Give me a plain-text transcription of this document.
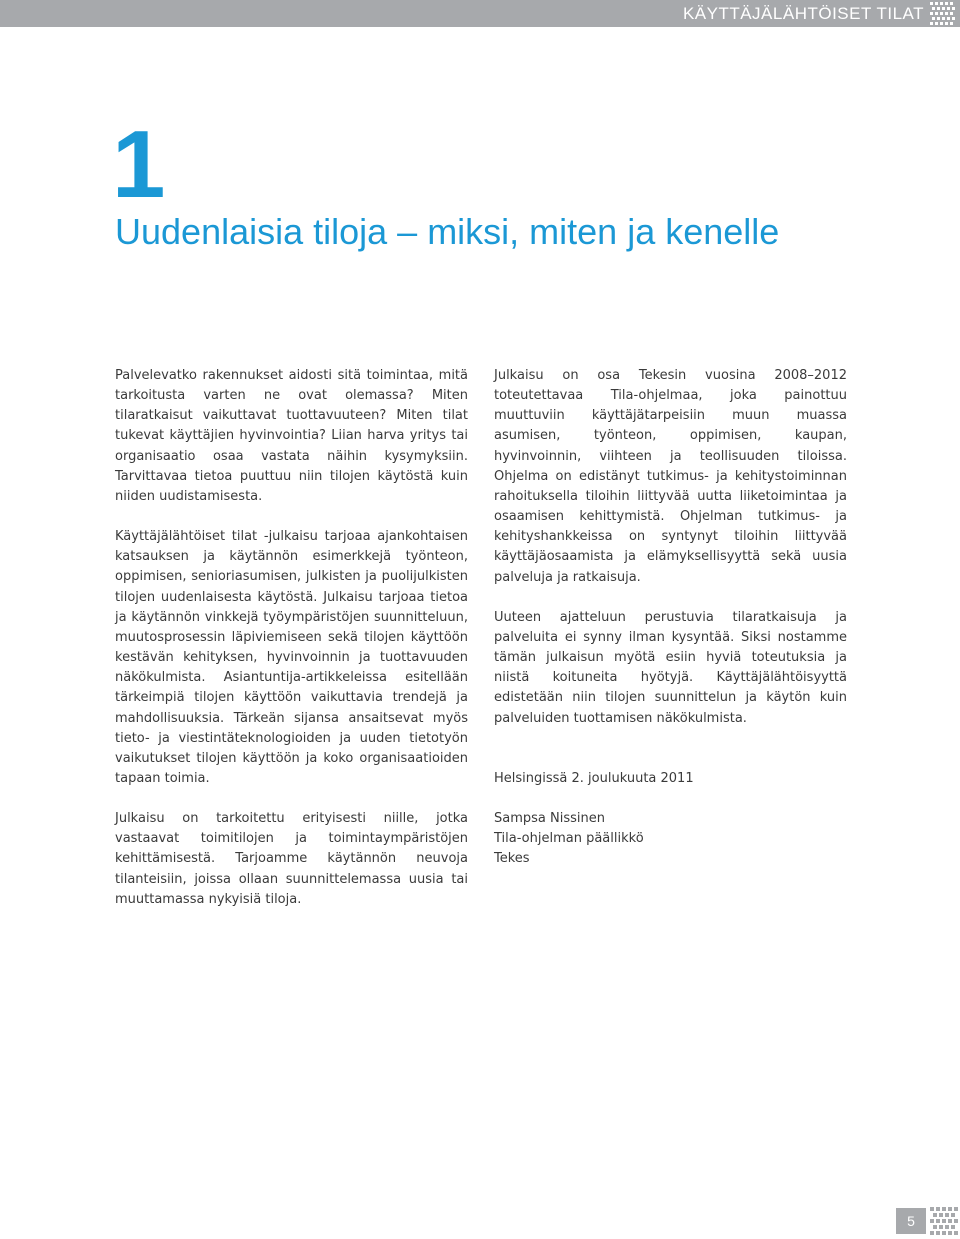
KÄYTTÄJÄLÄHTÖISET TILAT
1
Uudenlaisia tiloja – miksi, miten ja kenelle

Palvelevatko rakennukset aidosti sitä toimintaa, mitä tarkoitusta varten ne ovat olemassa? Miten tilaratkaisut vaikuttavat tuottavuuteen? Miten tilat tukevat käyttäjien hyvinvointia? Liian harva yritys tai organisaatio osaa vastata näihin kysymyksiin. Tarvittavaa tietoa puuttuu niin tilojen käytöstä kuin niiden uudistamisesta.

Käyttäjälähtöiset tilat -julkaisu tarjoaa ajankohtaisen katsauksen ja käytännön esimerkkejä työnteon, oppimisen, senioriasumisen, julkisten ja puolijulkisten tilojen uudenlaisesta käytöstä. Julkaisu tarjoaa tietoa ja käytännön vinkkejä työympäristöjen suunnitteluun, muutosprosessin läpiviemiseen sekä tilojen käyttöön kestävän kehityksen, hyvinvoinnin ja tuottavuuden näkökulmista. Asiantuntija-artikkeleissa esitellään tärkeimpiä tilojen käyttöön vaikuttavia trendejä ja mahdollisuuksia. Tärkeän sijansa ansaitsevat myös tieto- ja viestintäteknologioiden ja uuden tietotyön vaikutukset tilojen käyttöön ja koko organisaatioiden tapaan toimia.

Julkaisu on tarkoitettu erityisesti niille, jotka vastaavat toimitilojen ja toimintaympäristöjen kehittämisestä. Tarjoamme käytännön neuvoja tilanteisiin, joissa ollaan suunnittelemassa uusia tai muuttamassa nykyisiä tiloja.

Julkaisu on osa Tekesin vuosina 2008–2012 toteutettavaa Tila-ohjelmaa, joka painottuu muuttuviin käyttäjätarpeisiin muun muassa asumisen, työnteon, oppimisen, kaupan, hyvinvoinnin, viihteen ja teollisuuden tiloissa. Ohjelma on edistänyt tutkimus- ja kehitystoiminnan rahoituksella tiloihin liittyvää uutta liiketoimintaa ja osaamisen kehittymistä. Ohjelman tutkimus- ja kehityshankkeissa on syntynyt tiloihin liittyvää käyttäjäosaamista ja elämyksellisyyttä sekä uusia palveluja ja ratkaisuja.

Uuteen ajatteluun perustuvia tilaratkaisuja ja palveluita ei synny ilman kysyntää. Siksi nostamme tämän julkaisun myötä esiin hyviä toteutuksia ja niistä koituneita hyötyjä. Käyttäjälähtöisyyttä edistetään niin tilojen suunnittelun ja käytön kuin palveluiden tuottamisen näkökulmista.

Helsingissä 2. joulukuuta 2011

Sampsa Nissinen

Tila-ohjelman päällikkö

Tekes

5
